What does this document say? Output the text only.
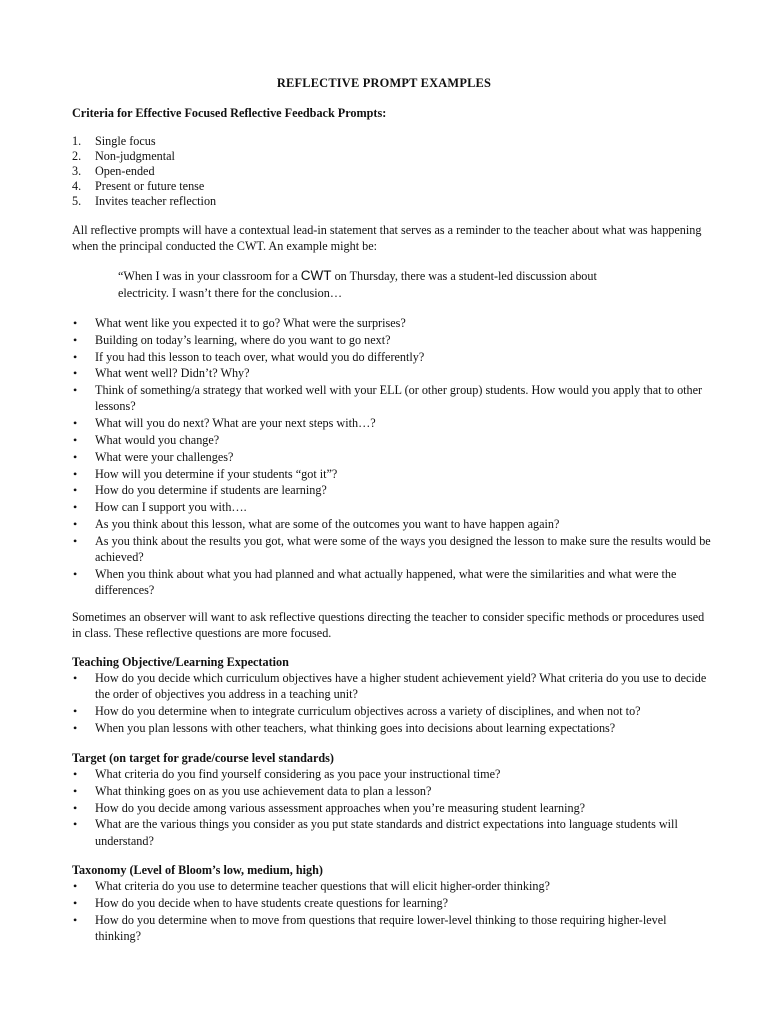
REFLECTIVE PROMPT EXAMPLES
Criteria for Effective Focused Reflective Feedback Prompts:
1. Single focus
2. Non-judgmental
3. Open-ended
4. Present or future tense
5. Invites teacher reflection

All reflective prompts will have a contextual lead-in statement that serves as a reminder to the teacher about what was happening when the principal conducted the CWT. An example might be:

“When I was in your classroom for a CWT on Thursday, there was a student-led discussion about electricity. I wasn’t there for the conclusion…

• What went like you expected it to go? What were the surprises?
• Building on today’s learning, where do you want to go next?
• If you had this lesson to teach over, what would you do differently?
• What went well? Didn’t? Why?
• Think of something/a strategy that worked well with your ELL (or other group) students. How would you apply that to other lessons?
• What will you do next? What are your next steps with…?
• What would you change?
• What were your challenges?
• How will you determine if your students “got it”?
• How do you determine if students are learning?
• How can I support you with….
• As you think about this lesson, what are some of the outcomes you want to have happen again?
• As you think about the results you got, what were some of the ways you designed the lesson to make sure the results would be achieved?
• When you think about what you had planned and what actually happened, what were the similarities and what were the differences?

Sometimes an observer will want to ask reflective questions directing the teacher to consider specific methods or procedures used in class. These reflective questions are more focused.

Teaching Objective/Learning Expectation
• How do you decide which curriculum objectives have a higher student achievement yield? What criteria do you use to decide the order of objectives you address in a teaching unit?
• How do you determine when to integrate curriculum objectives across a variety of disciplines, and when not to?
• When you plan lessons with other teachers, what thinking goes into decisions about learning expectations?
Target (on target for grade/course level standards)
• What criteria do you find yourself considering as you pace your instructional time?
• What thinking goes on as you use achievement data to plan a lesson?
• How do you decide among various assessment approaches when you’re measuring student learning?
• What are the various things you consider as you put state standards and district expectations into language students will understand?
Taxonomy (Level of Bloom’s low, medium, high)
• What criteria do you use to determine teacher questions that will elicit higher-order thinking?
• How do you decide when to have students create questions for learning?
• How do you determine when to move from questions that require lower-level thinking to those requiring higher-level thinking?
